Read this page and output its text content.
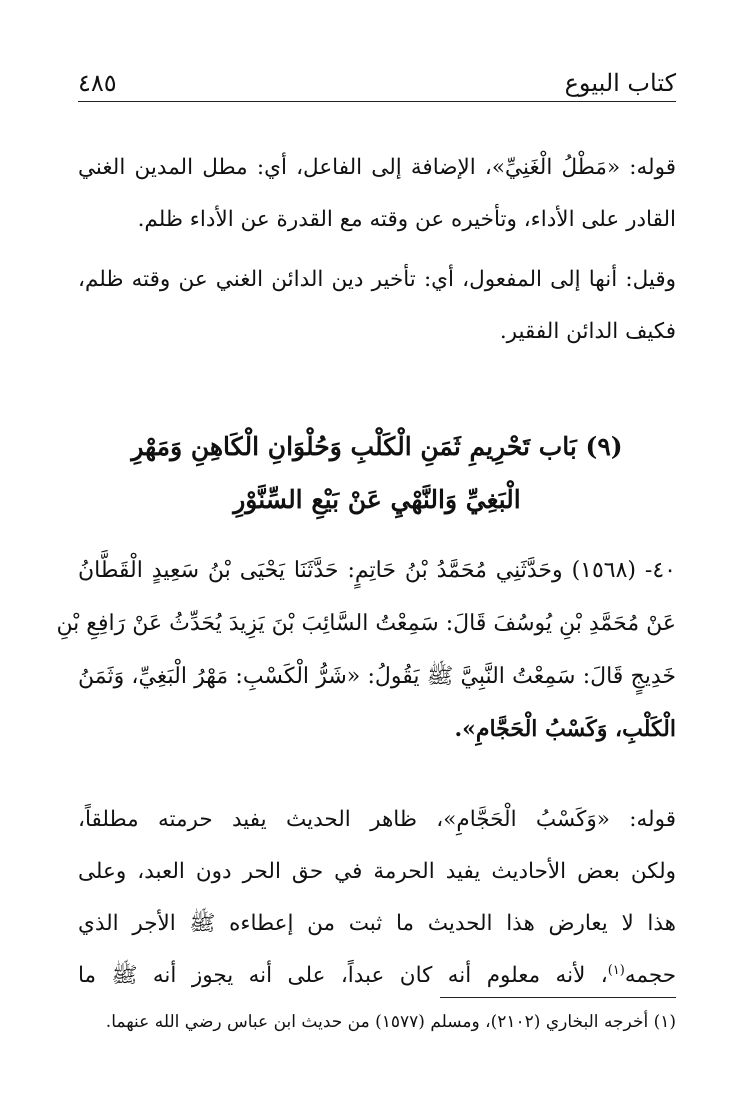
كتاب البيوع
٤٨٥
قوله: «مَطْلُ الْغَنِيِّ»، الإضافة إلى الفاعل، أي: مطل المدين الغني
القادر على الأداء، وتأخيره عن وقته مع القدرة عن الأداء ظلم.
وقيل: أنها إلى المفعول، أي: تأخير دين الدائن الغني عن وقته ظلم،
فكيف الدائن الفقير.
(٩) بَاب تَحْرِيمِ ثَمَنِ الْكَلْبِ وَحُلْوَانِ الْكَاهِنِ وَمَهْرِ
الْبَغِيِّ وَالنَّهْيِ عَنْ بَيْعِ السِّنَّوْرِ
٤٠- (١٥٦٨) وحَدَّثَنِي مُحَمَّدُ بْنُ حَاتِمٍ: حَدَّثَنَا يَحْيَى بْنُ سَعِيدٍ الْقَطَّانُ
عَنْ مُحَمَّدِ بْنِ يُوسُفَ قَالَ: سَمِعْتُ السَّائِبَ بْنَ يَزِيدَ يُحَدِّثُ عَنْ رَافِعِ بْنِ
خَدِيجٍ قَالَ: سَمِعْتُ النَّبِيَّ ﷺ يَقُولُ: «شَرُّ الْكَسْبِ: مَهْرُ الْبَغِيِّ، وَثَمَنُ
الْكَلْبِ، وَكَسْبُ الْحَجَّامِ».
قوله: «وَكَسْبُ الْحَجَّامِ»، ظاهر الحديث يفيد حرمته مطلقاً،
ولكن بعض الأحاديث يفيد الحرمة في حق الحر دون العبد، وعلى
هذا لا يعارض هذا الحديث ما ثبت من إعطاءه ﷺ الأجر الذي
حجمه$^{(١)}$، لأنه معلوم أنه كان عبداً، على أنه يجوز أنه ﷺ ما
(١) أخرجه البخاري (٢١٠٢)، ومسلم (١٥٧٧) من حديث ابن عباس رضي الله عنهما.
